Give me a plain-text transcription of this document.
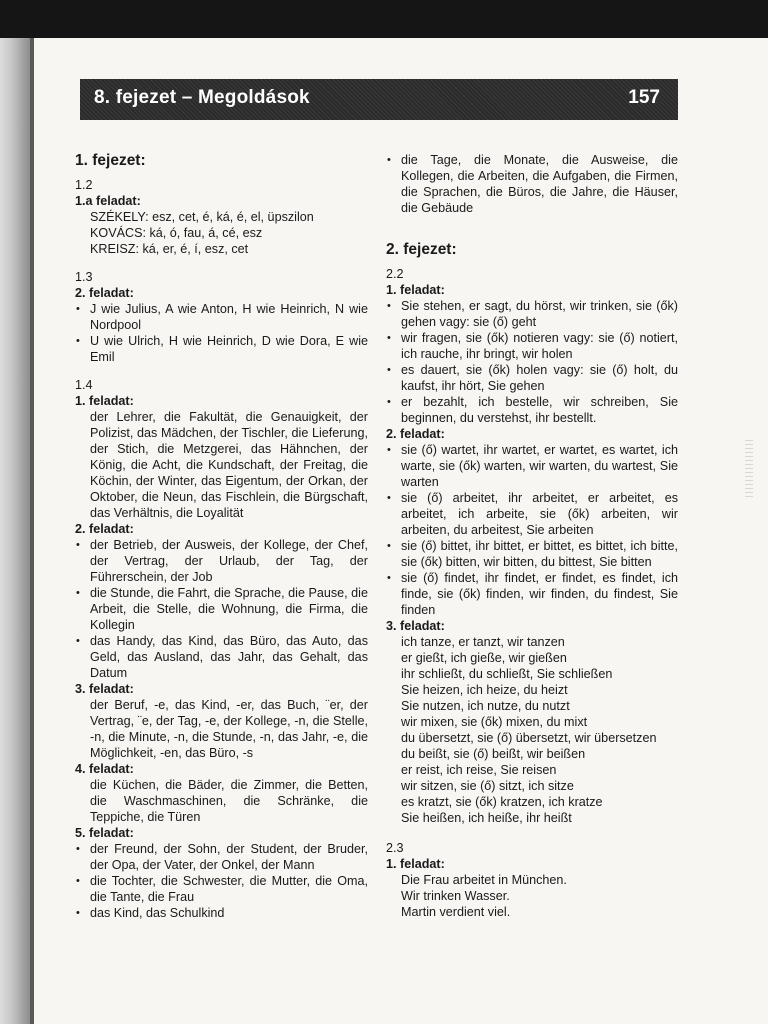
8. fejezet – Megoldások	157
1. fejezet:
1.2
1.a feladat:
SZÉKELY: esz, cet, é, ká, é, el, üpszilon
KOVÁCS: ká, ó, fau, á, cé, esz
KREISZ: ká, er, é, í, esz, cet
1.3
2. feladat:
• J wie Julius, A wie Anton, H wie Heinrich, N wie Nordpool
• U wie Ulrich, H wie Heinrich, D wie Dora, E wie Emil
1.4
1. feladat:
der Lehrer, die Fakultät, die Genauigkeit, der Polizist, das Mädchen, der Tischler, die Lieferung, der Stich, die Metzgerei, das Hähnchen, der König, die Acht, die Kundschaft, der Freitag, die Köchin, der Winter, das Eigentum, der Orkan, der Oktober, die Neun, das Fischlein, die Bürgschaft, das Verhältnis, die Loyalität
2. feladat:
• der Betrieb, der Ausweis, der Kollege, der Chef, der Vertrag, der Urlaub, der Tag, der Führerschein, der Job
• die Stunde, die Fahrt, die Sprache, die Pause, die Arbeit, die Stelle, die Wohnung, die Firma, die Kollegin
• das Handy, das Kind, das Büro, das Auto, das Geld, das Ausland, das Jahr, das Gehalt, das Datum
3. feladat:
der Beruf, -e, das Kind, -er, das Buch, ¨er, der Vertrag, ¨e, der Tag, -e, der Kollege, -n, die Stelle, -n, die Minute, -n, die Stunde, -n, das Jahr, -e, die Möglichkeit, -en, das Büro, -s
4. feladat:
die Küchen, die Bäder, die Zimmer, die Betten, die Waschmaschinen, die Schränke, die Teppiche, die Türen
5. feladat:
• der Freund, der Sohn, der Student, der Bruder, der Opa, der Vater, der Onkel, der Mann
• die Tochter, die Schwester, die Mutter, die Oma, die Tante, die Frau
• das Kind, das Schulkind
• die Tage, die Monate, die Ausweise, die Kollegen, die Arbeiten, die Aufgaben, die Firmen, die Sprachen, die Büros, die Jahre, die Häuser, die Gebäude
2. fejezet:
2.2
1. feladat:
• Sie stehen, er sagt, du hörst, wir trinken, sie (ők) gehen vagy: sie (ő) geht
• wir fragen, sie (ők) notieren vagy: sie (ő) notiert, ich rauche, ihr bringt, wir holen
• es dauert, sie (ők) holen vagy: sie (ő) holt, du kaufst, ihr hört, Sie gehen
• er bezahlt, ich bestelle, wir schreiben, Sie beginnen, du verstehst, ihr bestellt.
2. feladat:
• sie (ő) wartet, ihr wartet, er wartet, es wartet, ich warte, sie (ők) warten, wir warten, du wartest, Sie warten
• sie (ő) arbeitet, ihr arbeitet, er arbeitet, es arbeitet, ich arbeite, sie (ők) arbeiten, wir arbeiten, du arbeitest, Sie arbeiten
• sie (ő) bittet, ihr bittet, er bittet, es bittet, ich bitte, sie (ők) bitten, wir bitten, du bittest, Sie bitten
• sie (ő) findet, ihr findet, er findet, es findet, ich finde, sie (ők) finden, wir finden, du findest, Sie finden
3. feladat:
ich tanze, er tanzt, wir tanzen
er gießt, ich gieße, wir gießen
ihr schließt, du schließt, Sie schließen
Sie heizen, ich heize, du heizt
Sie nutzen, ich nutze, du nutzt
wir mixen, sie (ők) mixen, du mixt
du übersetzt, sie (ő) übersetzt, wir übersetzen
du beißt, sie (ő) beißt, wir beißen
er reist, ich reise, Sie reisen
wir sitzen, sie (ő) sitzt, ich sitze
es kratzt, sie (ők) kratzen, ich kratze
Sie heißen, ich heiße, ihr heißt
2.3
1. feladat:
Die Frau arbeitet in München.
Wir trinken Wasser.
Martin verdient viel.
